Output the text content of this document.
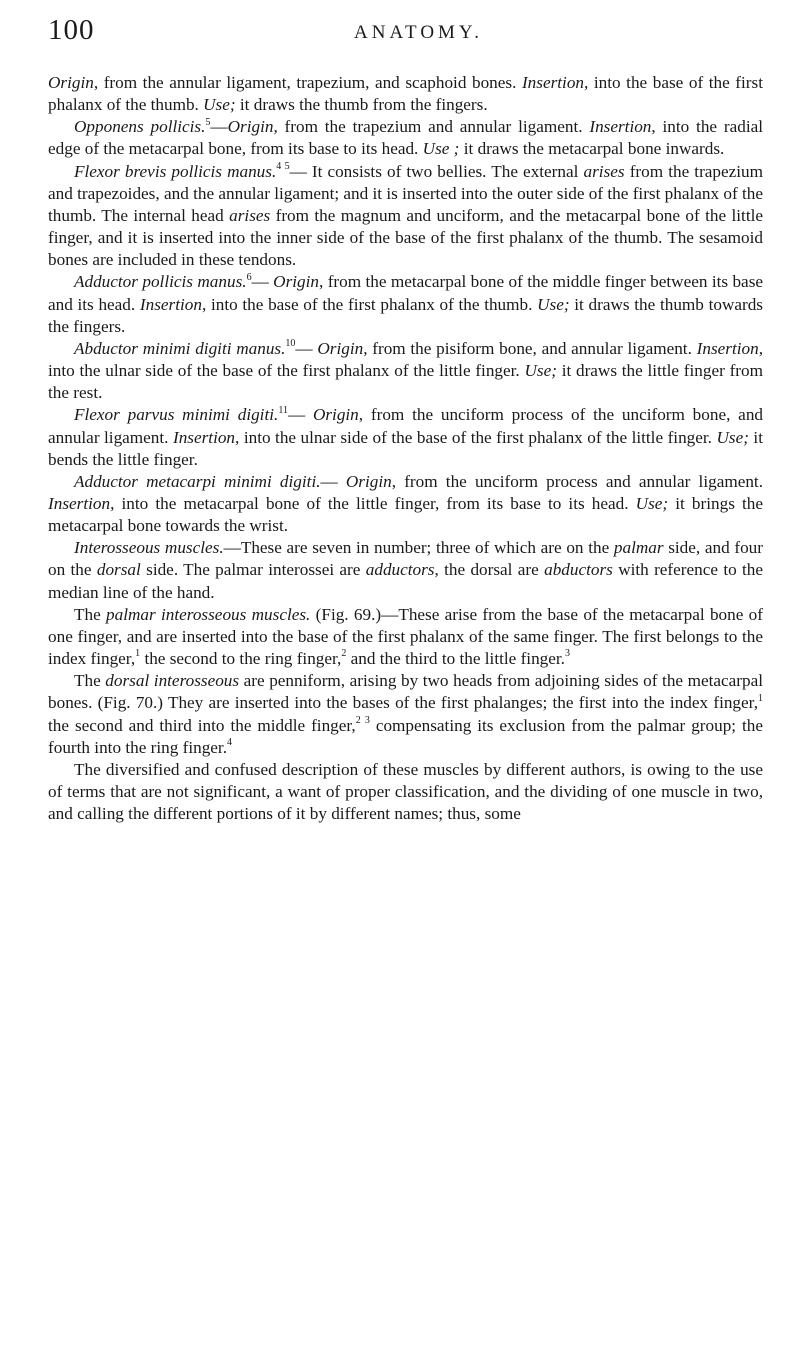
100	ANATOMY.

Origin, from the annular ligament, trapezium, and scaphoid bones. Insertion, into the base of the first phalanx of the thumb. Use; it draws the thumb from the fingers.

Opponens pollicis.$^5$—Origin, from the trapezium and annular ligament. Insertion, into the radial edge of the metacarpal bone, from its base to its head. Use ; it draws the metacarpal bone inwards.

Flexor brevis pollicis manus.$^{4 5}$— It consists of two bellies. The external arises from the trapezium and trapezoides, and the annular ligament; and it is inserted into the outer side of the first phalanx of the thumb. The internal head arises from the magnum and unciform, and the metacarpal bone of the little finger, and it is inserted into the inner side of the base of the first phalanx of the thumb. The sesamoid bones are included in these tendons.

Adductor pollicis manus.$^6$— Origin, from the metacarpal bone of the middle finger between its base and its head. Insertion, into the base of the first phalanx of the thumb. Use; it draws the thumb towards the fingers.

Abductor minimi digiti manus.$^{10}$— Origin, from the pisiform bone, and annular ligament. Insertion, into the ulnar side of the base of the first phalanx of the little finger. Use; it draws the little finger from the rest.

Flexor parvus minimi digiti.$^{11}$— Origin, from the unciform process of the unciform bone, and annular ligament. Insertion, into the ulnar side of the base of the first phalanx of the little finger. Use; it bends the little finger.

Adductor metacarpi minimi digiti.— Origin, from the unciform process and annular ligament. Insertion, into the metacarpal bone of the little finger, from its base to its head. Use; it brings the metacarpal bone towards the wrist.

Interosseous muscles.—These are seven in number; three of which are on the palmar side, and four on the dorsal side. The palmar interossei are adductors, the dorsal are abductors with reference to the median line of the hand.

The palmar interosseous muscles. (Fig. 69.)—These arise from the base of the metacarpal bone of one finger, and are inserted into the base of the first phalanx of the same finger. The first belongs to the index finger,$^1$ the second to the ring finger,$^2$ and the third to the little finger.$^3$

The dorsal interosseous are penniform, arising by two heads from adjoining sides of the metacarpal bones. (Fig. 70.) They are inserted into the bases of the first phalanges; the first into the index finger,$^1$ the second and third into the middle finger,$^{2 3}$ compensating its exclusion from the palmar group; the fourth into the ring finger.$^4$

The diversified and confused description of these muscles by different authors, is owing to the use of terms that are not significant, a want of proper classification, and the dividing of one muscle in two, and calling the different portions of it by different names; thus, some
